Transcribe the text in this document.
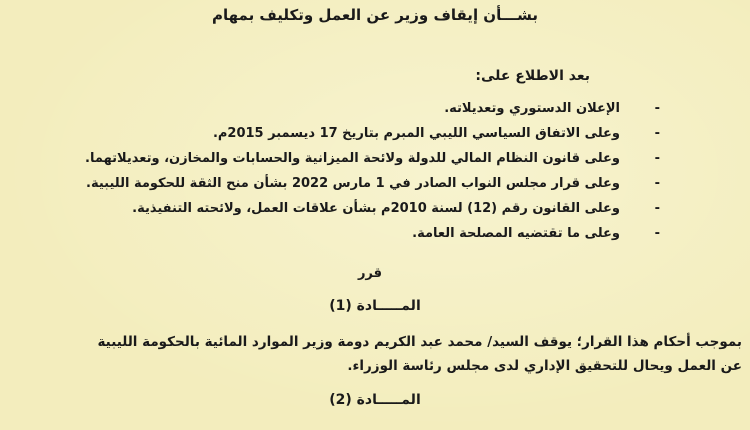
بشـــأن إيقاف وزير عن العمل وتكليف بمهام
بعد الاطلاع على:
- الإعلان الدستوري وتعديلاته.
- وعلى الاتفاق السياسي الليبي المبرم بتاريخ 17 ديسمبر 2015م.
- وعلى قانون النظام المالي للدولة ولائحة الميزانية والحسابات والمخازن، وتعديلاتهما.
- وعلى قرار مجلس النواب الصادر في 1 مارس 2022 بشأن منح الثقة للحكومة الليبية.
- وعلى القانون رقم (12) لسنة 2010م بشأن علاقات العمل، ولائحته التنفيذية.
- وعلى ما تقتضيه المصلحة العامة.
قرر
المـــــادة (1)

بموجب أحكام هذا القرار؛ يوقف السيد/ محمد عبد الكريم دومة وزير الموارد المائية بالحكومة الليبية

عن العمل ويحال للتحقيق الإداري لدى مجلس رئاسة الوزراء.

المـــــادة (2)
